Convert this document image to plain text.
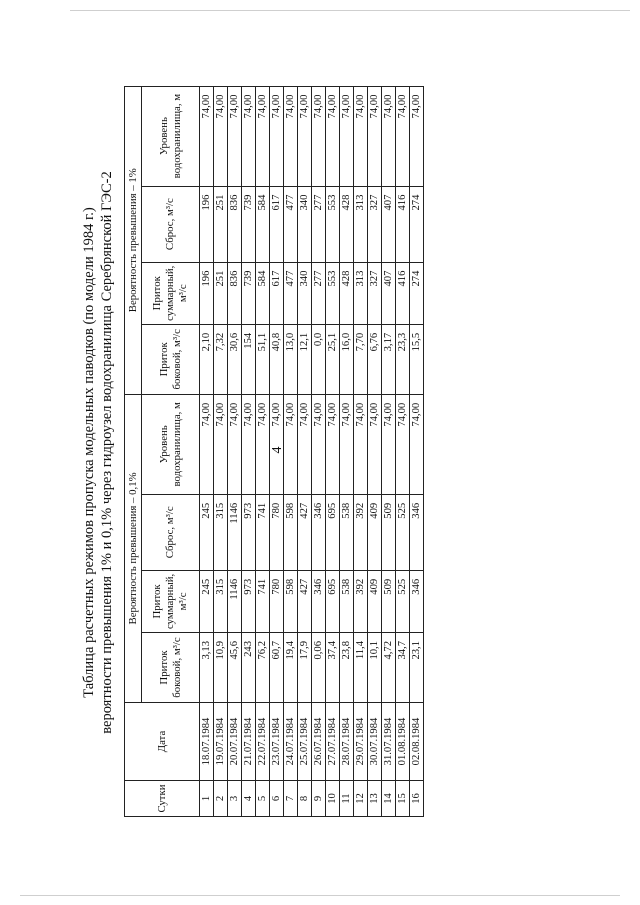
4
Таблица расчетных режимов пропуска модельных паводков (по модели 1984 г.) вероятности превышения 1% и 0,1% через гидроузел водохранилища Серебрянской ГЭС-2
Сутки	Дата	Вероятность превышения – 0,1%				Вероятность превышения – 1%			
		Приток боковой, м³/с	Приток суммарный, м³/с	Сброс, м³/с	Уровень водохранилища, м	Приток боковой, м³/с	Приток суммарный, м³/с	Сброс, м³/с	Уровень водохранилища, м
1	18.07.1984	3,13	245	245	74,00	2,10	196	196	74,00
2	19.07.1984	10,9	315	315	74,00	7,32	251	251	74,00
3	20.07.1984	45,6	1146	1146	74,00	30,6	836	836	74,00
4	21.07.1984	243	973	973	74,00	154	739	739	74,00
5	22.07.1984	76,2	741	741	74,00	51,1	584	584	74,00
6	23.07.1984	60,7	780	780	74,00	40,8	617	617	74,00
7	24.07.1984	19,4	598	598	74,00	13,0	477	477	74,00
8	25.07.1984	17,9	427	427	74,00	12,1	340	340	74,00
9	26.07.1984	0,06	346	346	74,00	0,0	277	277	74,00
10	27.07.1984	37,4	695	695	74,00	25,1	553	553	74,00
11	28.07.1984	23,8	538	538	74,00	16,0	428	428	74,00
12	29.07.1984	11,4	392	392	74,00	7,70	313	313	74,00
13	30.07.1984	10,1	409	409	74,00	6,76	327	327	74,00
14	31.07.1984	4,72	509	509	74,00	3,17	407	407	74,00
15	01.08.1984	34,7	525	525	74,00	23,3	416	416	74,00
16	02.08.1984	23,1	346	346	74,00	15,5	274	274	74,00
